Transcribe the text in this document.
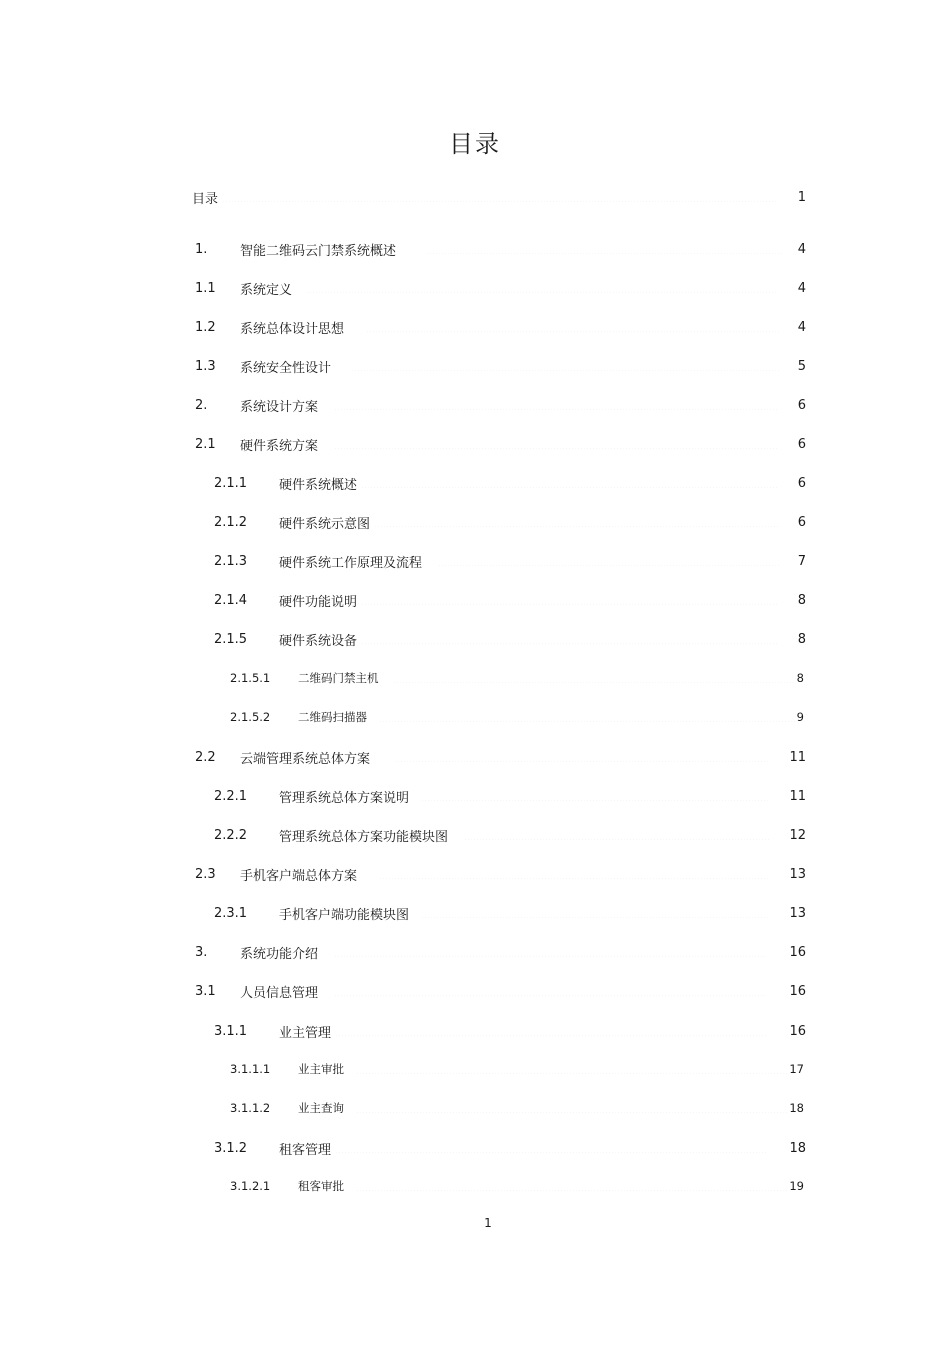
目录
目录	1
1.	智能二维码云门禁系统概述	4
1.1	系统定义	4
1.2	系统总体设计思想	4
1.3	系统安全性设计	5
2.	系统设计方案	6
2.1	硬件系统方案	6
2.1.1	硬件系统概述	6
2.1.2	硬件系统示意图	6
2.1.3	硬件系统工作原理及流程	7
2.1.4	硬件功能说明	8
2.1.5	硬件系统设备	8
2.1.5.1	二维码门禁主机	8
2.1.5.2	二维码扫描器	9
2.2	云端管理系统总体方案	11
2.2.1	管理系统总体方案说明	11
2.2.2	管理系统总体方案功能模块图	12
2.3	手机客户端总体方案	13
2.3.1	手机客户端功能模块图	13
3.	系统功能介绍	16
3.1	人员信息管理	16
3.1.1	业主管理	16
3.1.1.1	业主审批	17
3.1.1.2	业主查询	18
3.1.2	租客管理	18
3.1.2.1	租客审批	19
1
